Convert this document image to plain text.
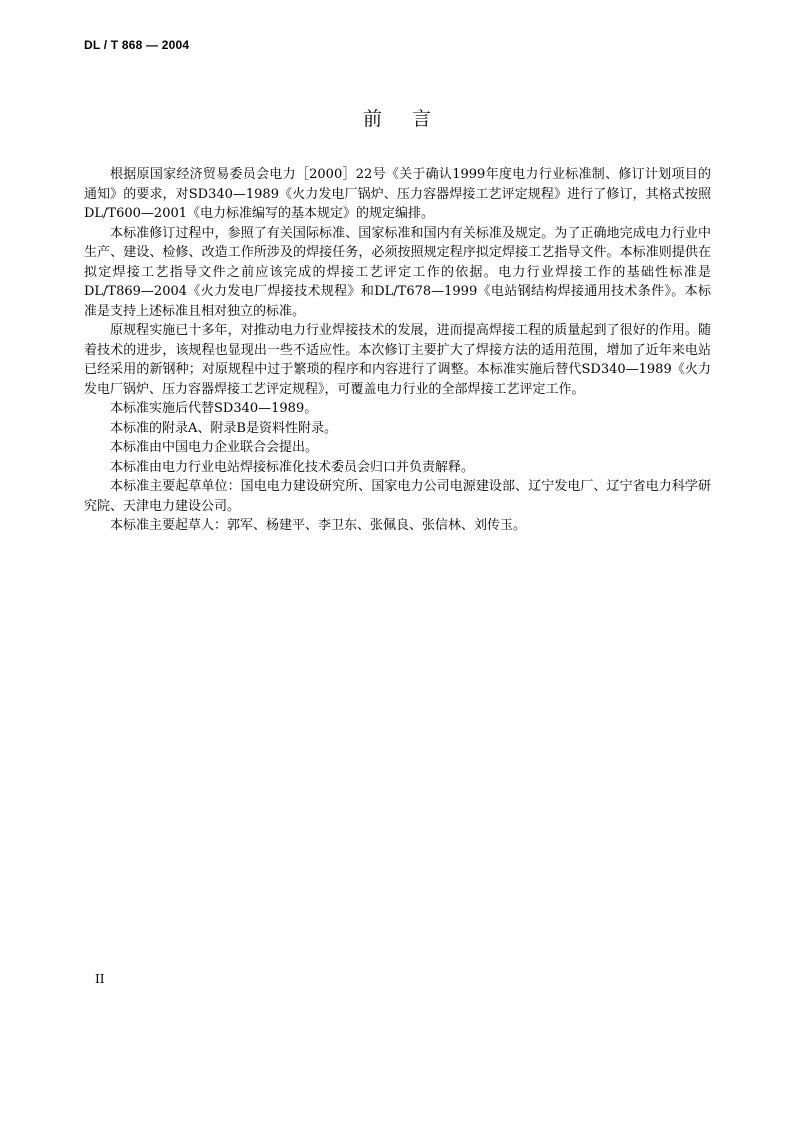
DL / T 868 — 2004
前言

根据原国家经济贸易委员会电力［2000］22号《关于确认1999年度电力行业标准制、修订计划项目的通知》的要求，对SD340—1989《火力发电厂锅炉、压力容器焊接工艺评定规程》进行了修订，其格式按照DL/T600—2001《电力标准编写的基本规定》的规定编排。

本标准修订过程中，参照了有关国际标准、国家标准和国内有关标准及规定。为了正确地完成电力行业中生产、建设、检修、改造工作所涉及的焊接任务，必须按照规定程序拟定焊接工艺指导文件。本标准则提供在拟定焊接工艺指导文件之前应该完成的焊接工艺评定工作的依据。电力行业焊接工作的基础性标准是DL/T869—2004《火力发电厂焊接技术规程》和DL/T678—1999《电站钢结构焊接通用技术条件》。本标准是支持上述标准且相对独立的标准。

原规程实施已十多年，对推动电力行业焊接技术的发展，进而提高焊接工程的质量起到了很好的作用。随着技术的进步，该规程也显现出一些不适应性。本次修订主要扩大了焊接方法的适用范围，增加了近年来电站已经采用的新钢种；对原规程中过于繁琐的程序和内容进行了调整。本标准实施后替代SD340—1989《火力发电厂锅炉、压力容器焊接工艺评定规程》，可覆盖电力行业的全部焊接工艺评定工作。

本标准实施后代替SD340—1989。

本标准的附录A、附录B是资料性附录。

本标准由中国电力企业联合会提出。

本标准由电力行业电站焊接标准化技术委员会归口并负责解释。

本标准主要起草单位：国电电力建设研究所、国家电力公司电源建设部、辽宁发电厂、辽宁省电力科学研究院、天津电力建设公司。

本标准主要起草人：郭军、杨建平、李卫东、张佩良、张信林、刘传玉。

II
